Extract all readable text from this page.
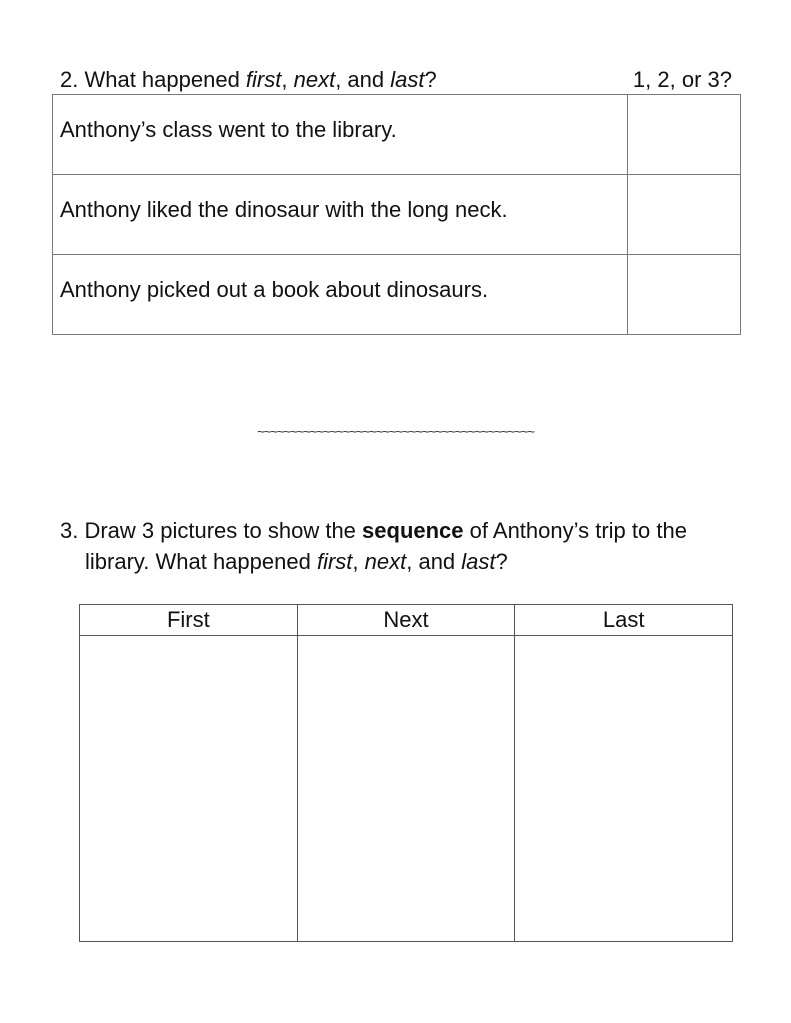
2. What happened first, next, and last?	1, 2, or 3?
Anthony’s class went to the library.	
Anthony liked the dinosaur with the long neck.	
Anthony picked out a book about dinosaurs.	
~~~~~~~~~~~~~~~~~~~~~~~~~~~~~~~~~~~~~~~~~~
3. Draw 3 pictures to show the sequence of Anthony’s trip to the
library. What happened first, next, and last?
First	Next	Last
